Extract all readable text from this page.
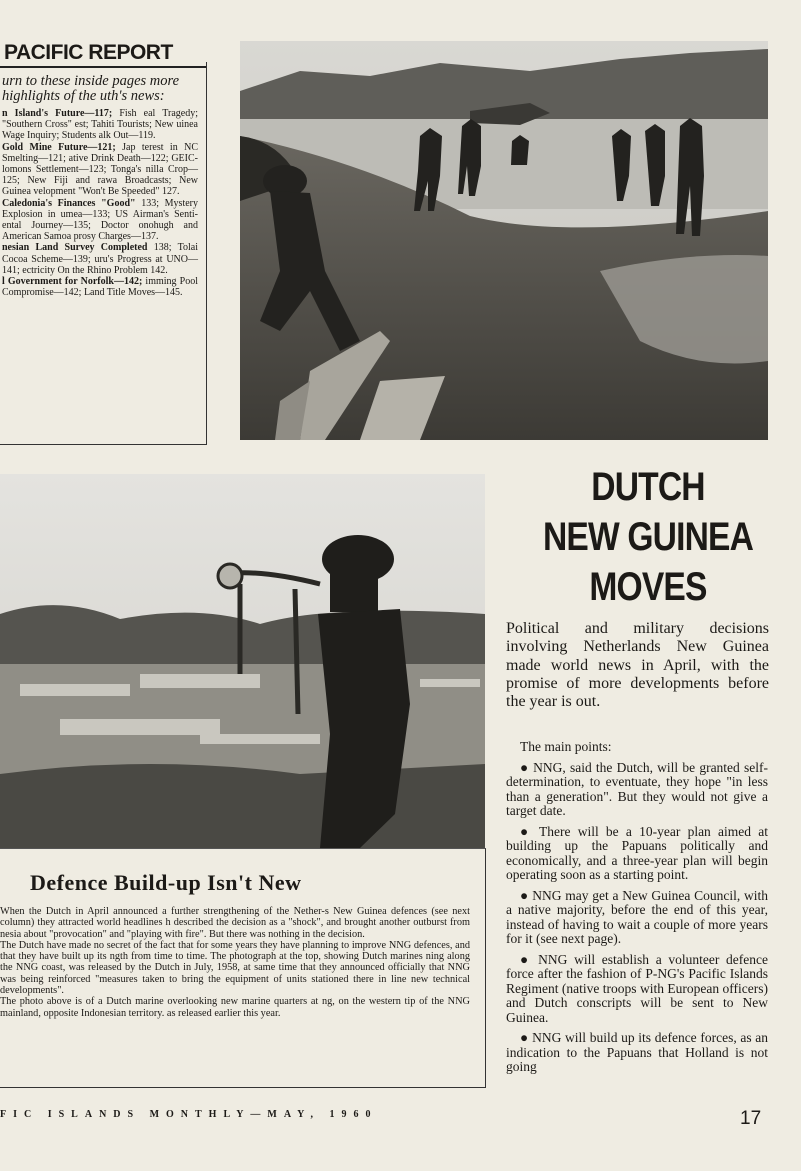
PACIFIC REPORT
urn to these inside pages more highlights of the uth's news:

n Island's Future—117; Fish eal Tragedy; "Southern Cross" est; Tahiti Tourists; New uinea Wage Inquiry; Students alk Out—119.

Gold Mine Future—121; Jap terest in NC Smelting—121; ative Drink Death—122; GEIC-lomons Settlement—123; Tonga's nilla Crop—125; New Fiji and rawa Broadcasts; New Guinea velopment "Won't Be Speeded" 127.

Caledonia's Finances "Good" 133; Mystery Explosion in umea—133; US Airman's Senti-ental Journey—135; Doctor onohugh and American Samoa prosy Charges—137.

nesian Land Survey Completed 138; Tolai Cocoa Scheme—139; uru's Progress at UNO—141; ectricity On the Rhino Problem 142.

l Government for Norfolk—142; imming Pool Compromise—142; Land Title Moves—145.

DUTCH
NEW GUINEA
MOVES
Political and military decisions involving Netherlands New Guinea made world news in April, with the promise of more developments before the year is out.

The main points:

● NNG, said the Dutch, will be granted self-determination, to eventuate, they hope "in less than a generation". But they would not give a target date.

● There will be a 10-year plan aimed at building up the Papuans politically and economically, and a three-year plan will begin operating soon as a starting point.

● NNG may get a New Guinea Council, with a native majority, before the end of this year, instead of having to wait a couple of more years for it (see next page).

● NNG will establish a volunteer defence force after the fashion of P-NG's Pacific Islands Regiment (native troops with European officers) and Dutch conscripts will be sent to New Guinea.

● NNG will build up its defence forces, as an indication to the Papuans that Holland is not going

Defence Build-up Isn't New

When the Dutch in April announced a further strengthening of the Nether-s New Guinea defences (see next column) they attracted world headlines h described the decision as a "shock", and brought another outburst from nesia about "provocation" and "playing with fire". But there was nothing in the decision.

The Dutch have made no secret of the fact that for some years they have planning to improve NNG defences, and that they have built up its ngth from time to time. The photograph at the top, showing Dutch marines ning along the NNG coast, was released by the Dutch in July, 1958, at same time that they announced officially that NNG was being reinforced "measures taken to bring the equipment of units stationed there in line new technical developments".

The photo above is of a Dutch marine overlooking new marine quarters at ng, on the western tip of the NNG mainland, opposite Indonesian territory. as released earlier this year.

FIC ISLANDS MONTHLY—MAY, 1960	17
